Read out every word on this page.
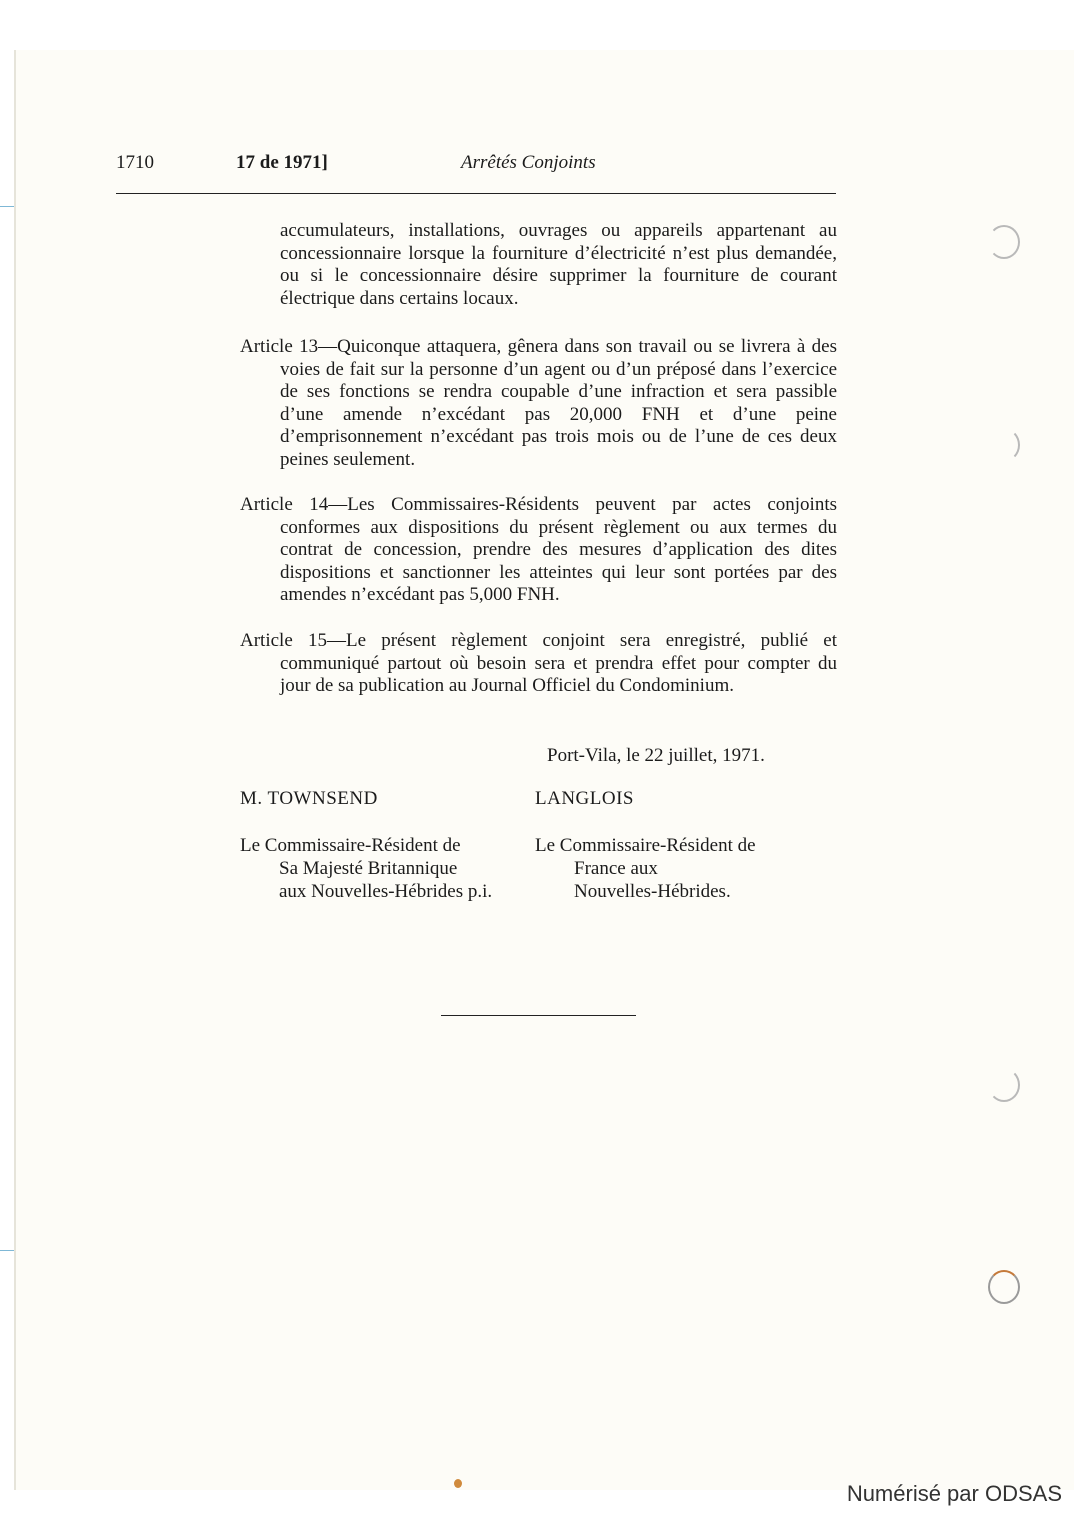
1710	17 de 1971]	Arrêtés Conjoints
accumulateurs, installations, ouvrages ou appareils appartenant au concessionnaire lorsque la fourniture d’électricité n’est plus demandée, ou si le concessionnaire désire supprimer la fourniture de courant électrique dans certains locaux.
Article 13—Quiconque attaquera, gênera dans son travail ou se livrera à des voies de fait sur la personne d’un agent ou d’un préposé dans l’exercice de ses fonctions se rendra coupable d’une infraction et sera passible d’une amende n’excédant pas 20,000 FNH et d’une peine d’emprisonnement n’excédant pas trois mois ou de l’une de ces deux peines seulement.
Article 14—Les Commissaires-Résidents peuvent par actes conjoints conformes aux dispositions du présent règlement ou aux termes du contrat de concession, prendre des mesures d’application des dites dispositions et sanctionner les atteintes qui leur sont portées par des amendes n’excédant pas 5,000 FNH.
Article 15—Le présent règlement conjoint sera enregistré, publié et communiqué partout où besoin sera et prendra effet pour compter du jour de sa publication au Journal Officiel du Condominium.
Port-Vila, le 22 juillet, 1971.
M. TOWNSEND	LANGLOIS
Le Commissaire-Résident de
Sa Majesté Britannique
aux Nouvelles-Hébrides p.i.
Le Commissaire-Résident de
France aux
Nouvelles-Hébrides.
Numérisé par ODSAS
